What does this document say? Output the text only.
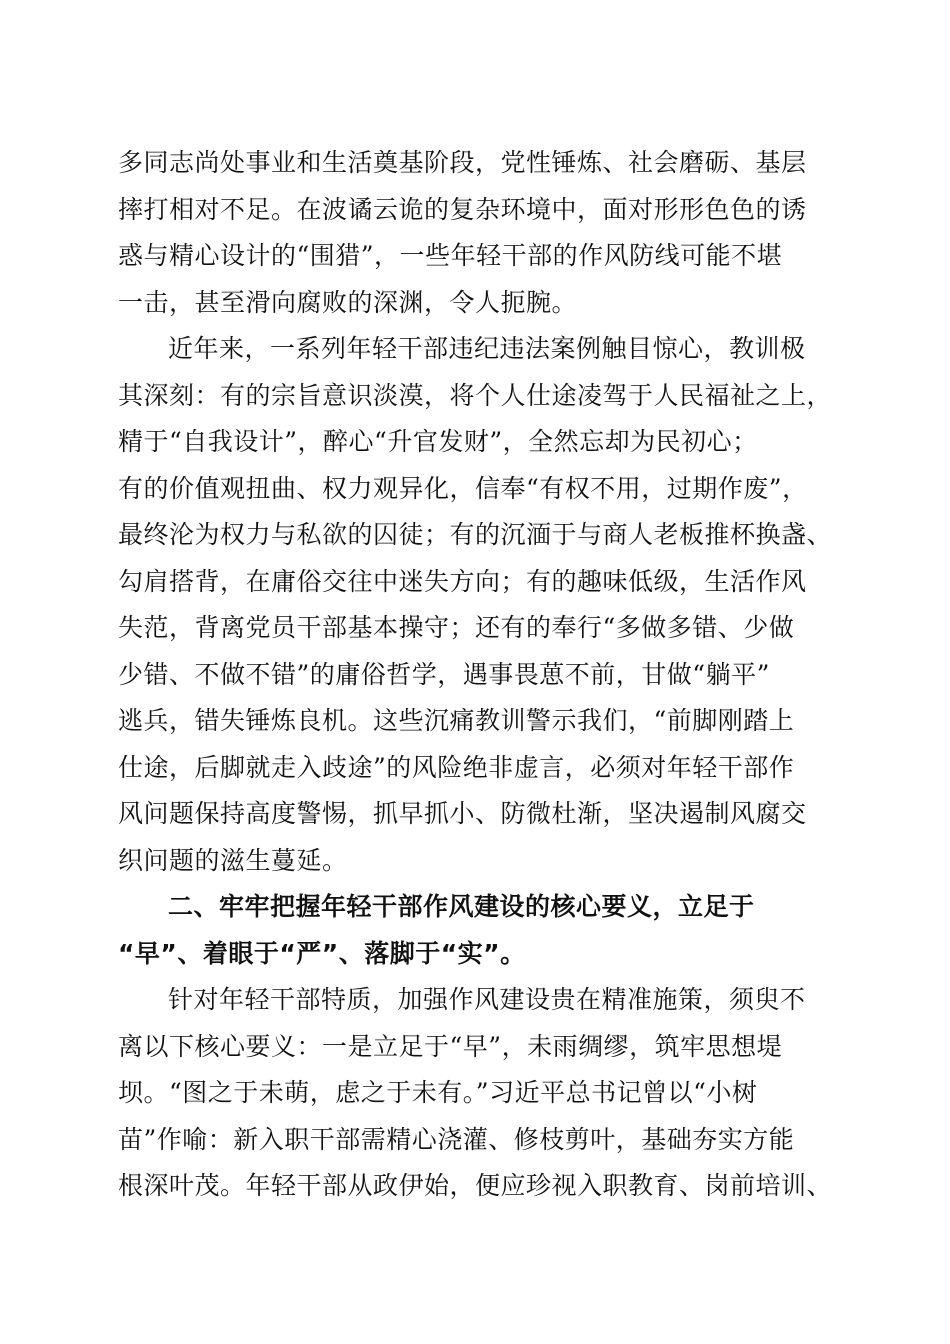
多同志尚处事业和生活奠基阶段，党性锤炼、社会磨砺、基层
摔打相对不足。在波谲云诡的复杂环境中，面对形形色色的诱
惑与精心设计的“围猎”，一些年轻干部的作风防线可能不堪
一击，甚至滑向腐败的深渊，令人扼腕。
近年来，一系列年轻干部违纪违法案例触目惊心，教训极
其深刻：有的宗旨意识淡漠，将个人仕途凌驾于人民福祉之上，
精于“自我设计”，醉心“升官发财”，全然忘却为民初心；
有的价值观扭曲、权力观异化，信奉“有权不用，过期作废”，
最终沦为权力与私欲的囚徒；有的沉湎于与商人老板推杯换盏、
勾肩搭背，在庸俗交往中迷失方向；有的趣味低级，生活作风
失范，背离党员干部基本操守；还有的奉行“多做多错、少做
少错、不做不错”的庸俗哲学，遇事畏葸不前，甘做“躺平”
逃兵，错失锤炼良机。这些沉痛教训警示我们，“前脚刚踏上
仕途，后脚就走入歧途”的风险绝非虚言，必须对年轻干部作
风问题保持高度警惕，抓早抓小、防微杜渐，坚决遏制风腐交
织问题的滋生蔓延。
二、牢牢把握年轻干部作风建设的核心要义，立足于
“早”、着眼于“严”、落脚于“实”。
针对年轻干部特质，加强作风建设贵在精准施策，须臾不
离以下核心要义：一是立足于“早”，未雨绸缪，筑牢思想堤
坝。“图之于未萌，虑之于未有。”习近平总书记曾以“小树
苗”作喻：新入职干部需精心浇灌、修枝剪叶，基础夯实方能
根深叶茂。年轻干部从政伊始，便应珍视入职教育、岗前培训、
